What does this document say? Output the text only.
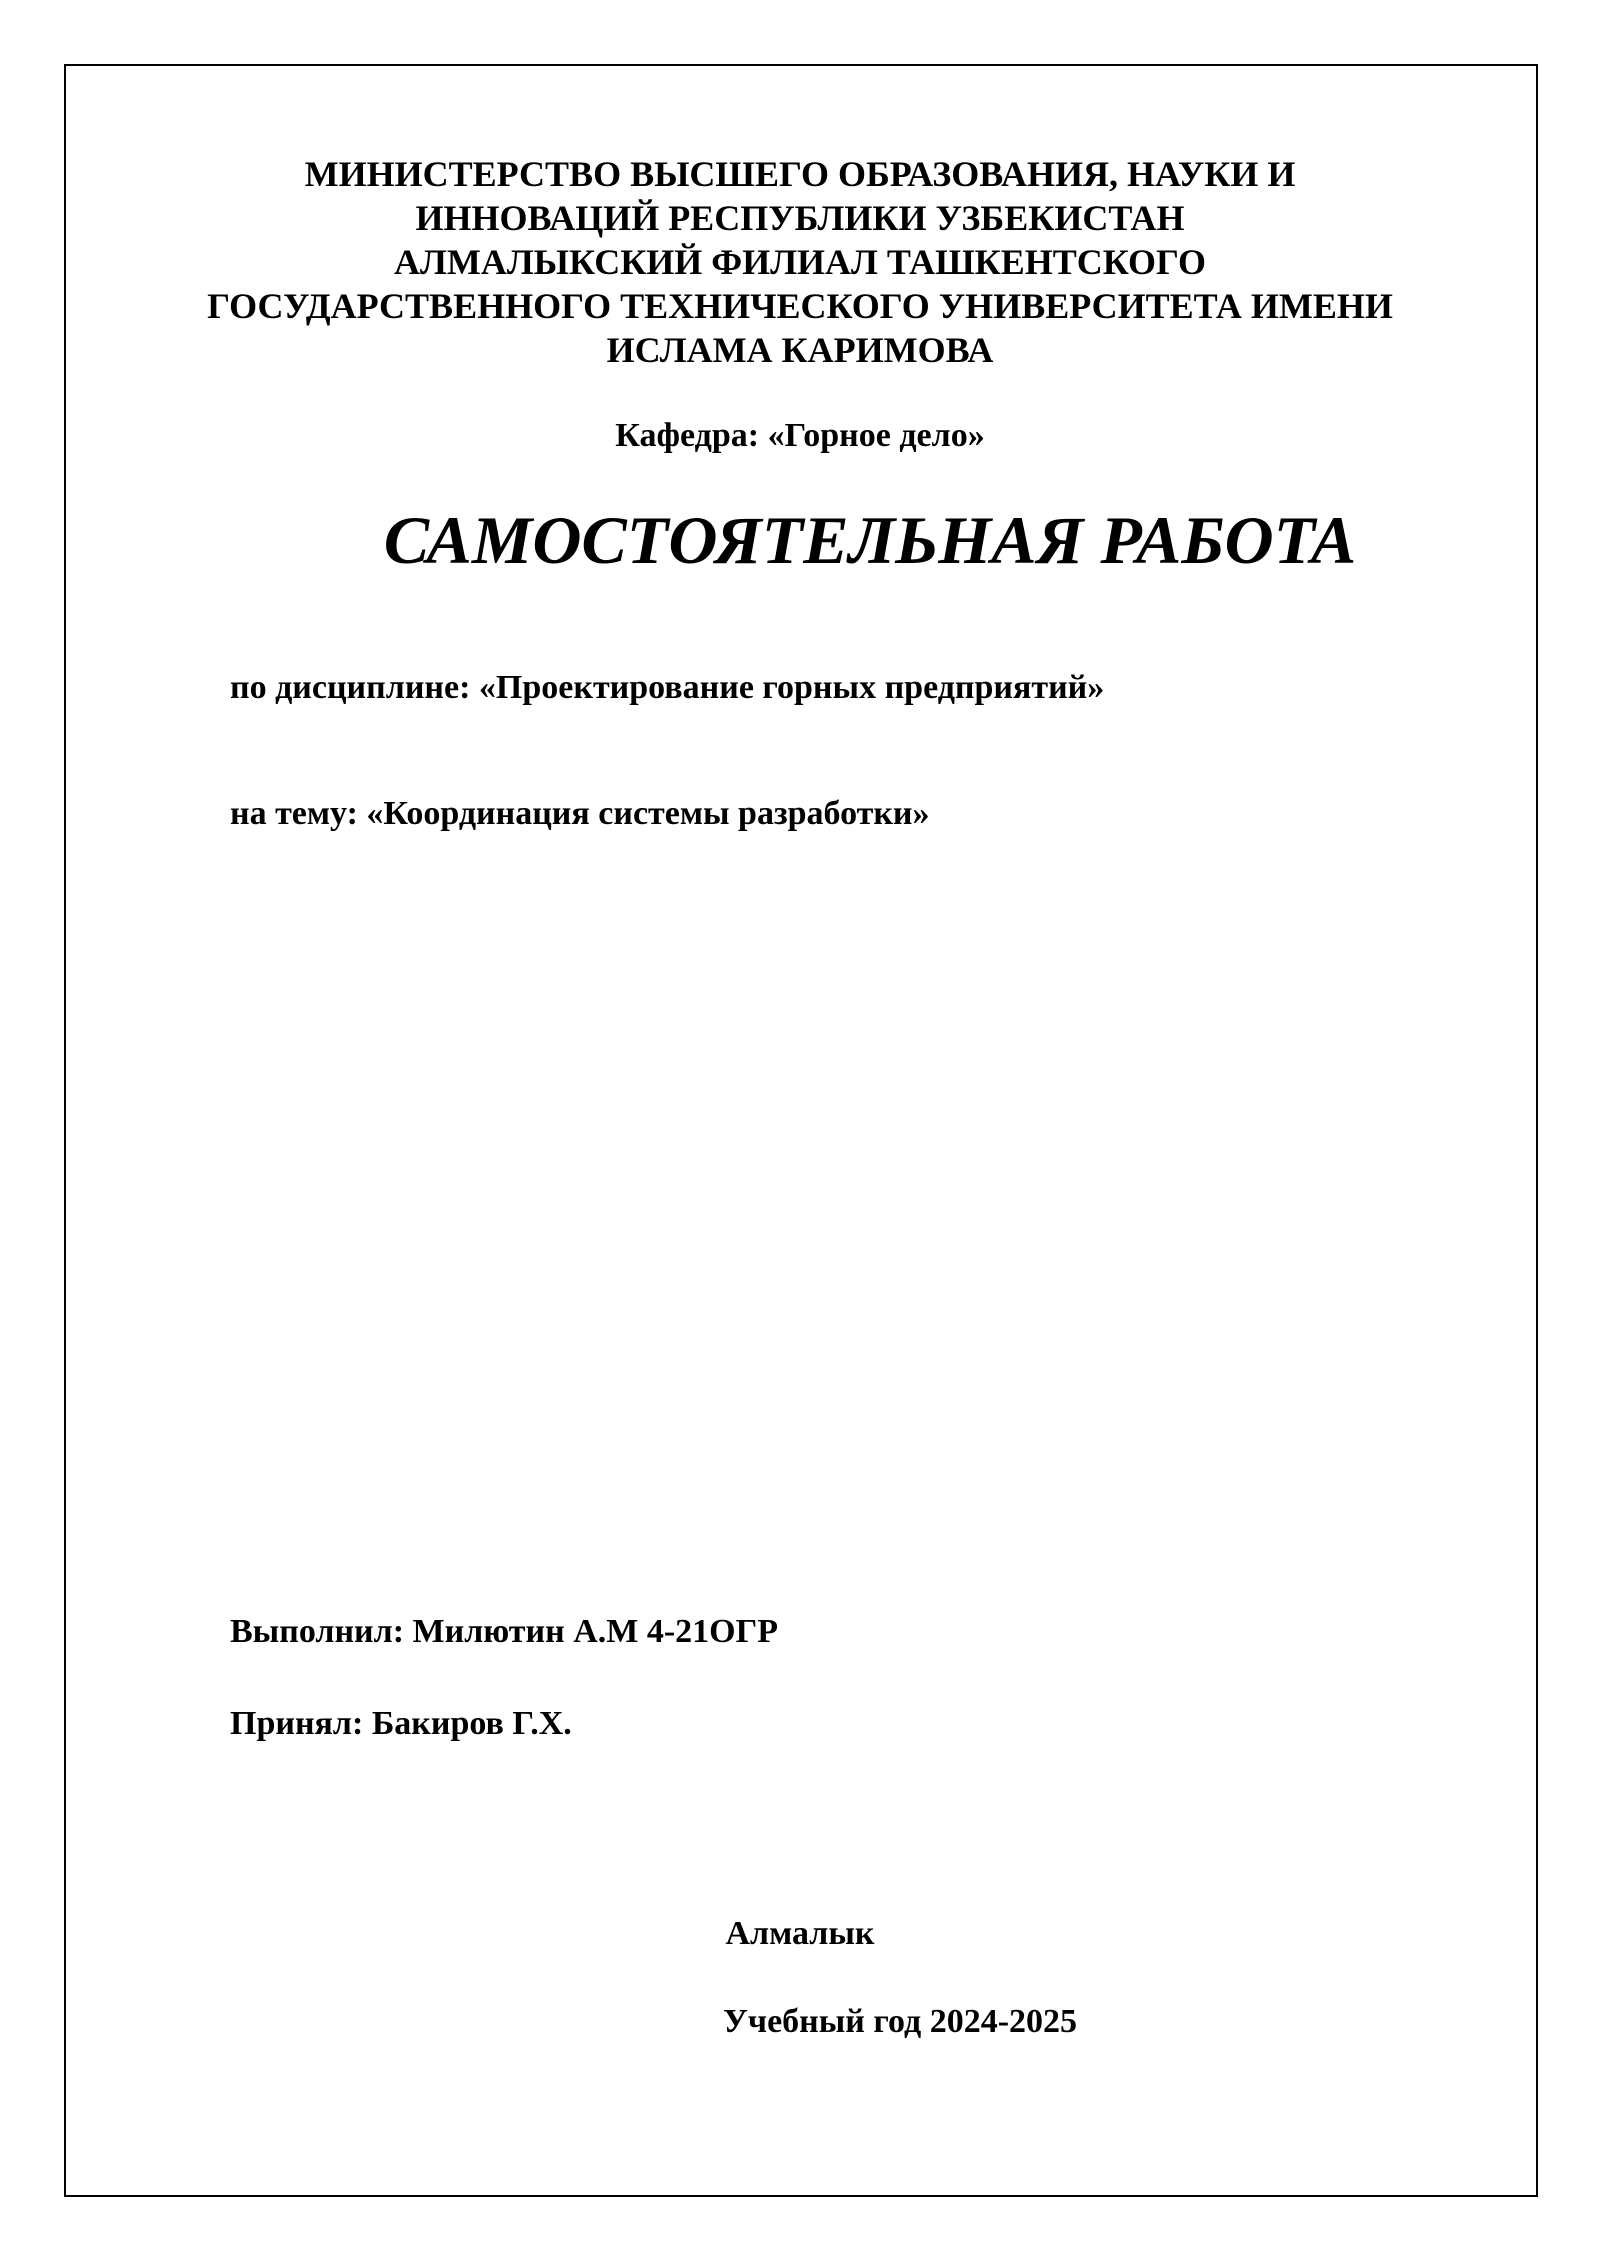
МИНИСТЕРСТВО ВЫСШЕГО ОБРАЗОВАНИЯ, НАУКИ И
ИННОВАЦИЙ РЕСПУБЛИКИ УЗБЕКИСТАН
АЛМАЛЫКСКИЙ ФИЛИАЛ ТАШКЕНТСКОГО
ГОСУДАРСТВЕННОГО ТЕХНИЧЕСКОГО УНИВЕРСИТЕТА ИМЕНИ
ИСЛАМА КАРИМОВА
Кафедра: «Горное дело»
САМОСТОЯТЕЛЬНАЯ РАБОТА
по дисциплине: «Проектирование горных предприятий»
на тему: «Координация системы разработки»
Выполнил: Милютин А.М 4-21ОГР
Принял: Бакиров Г.Х.
Алмалык
Учебный год 2024-2025
